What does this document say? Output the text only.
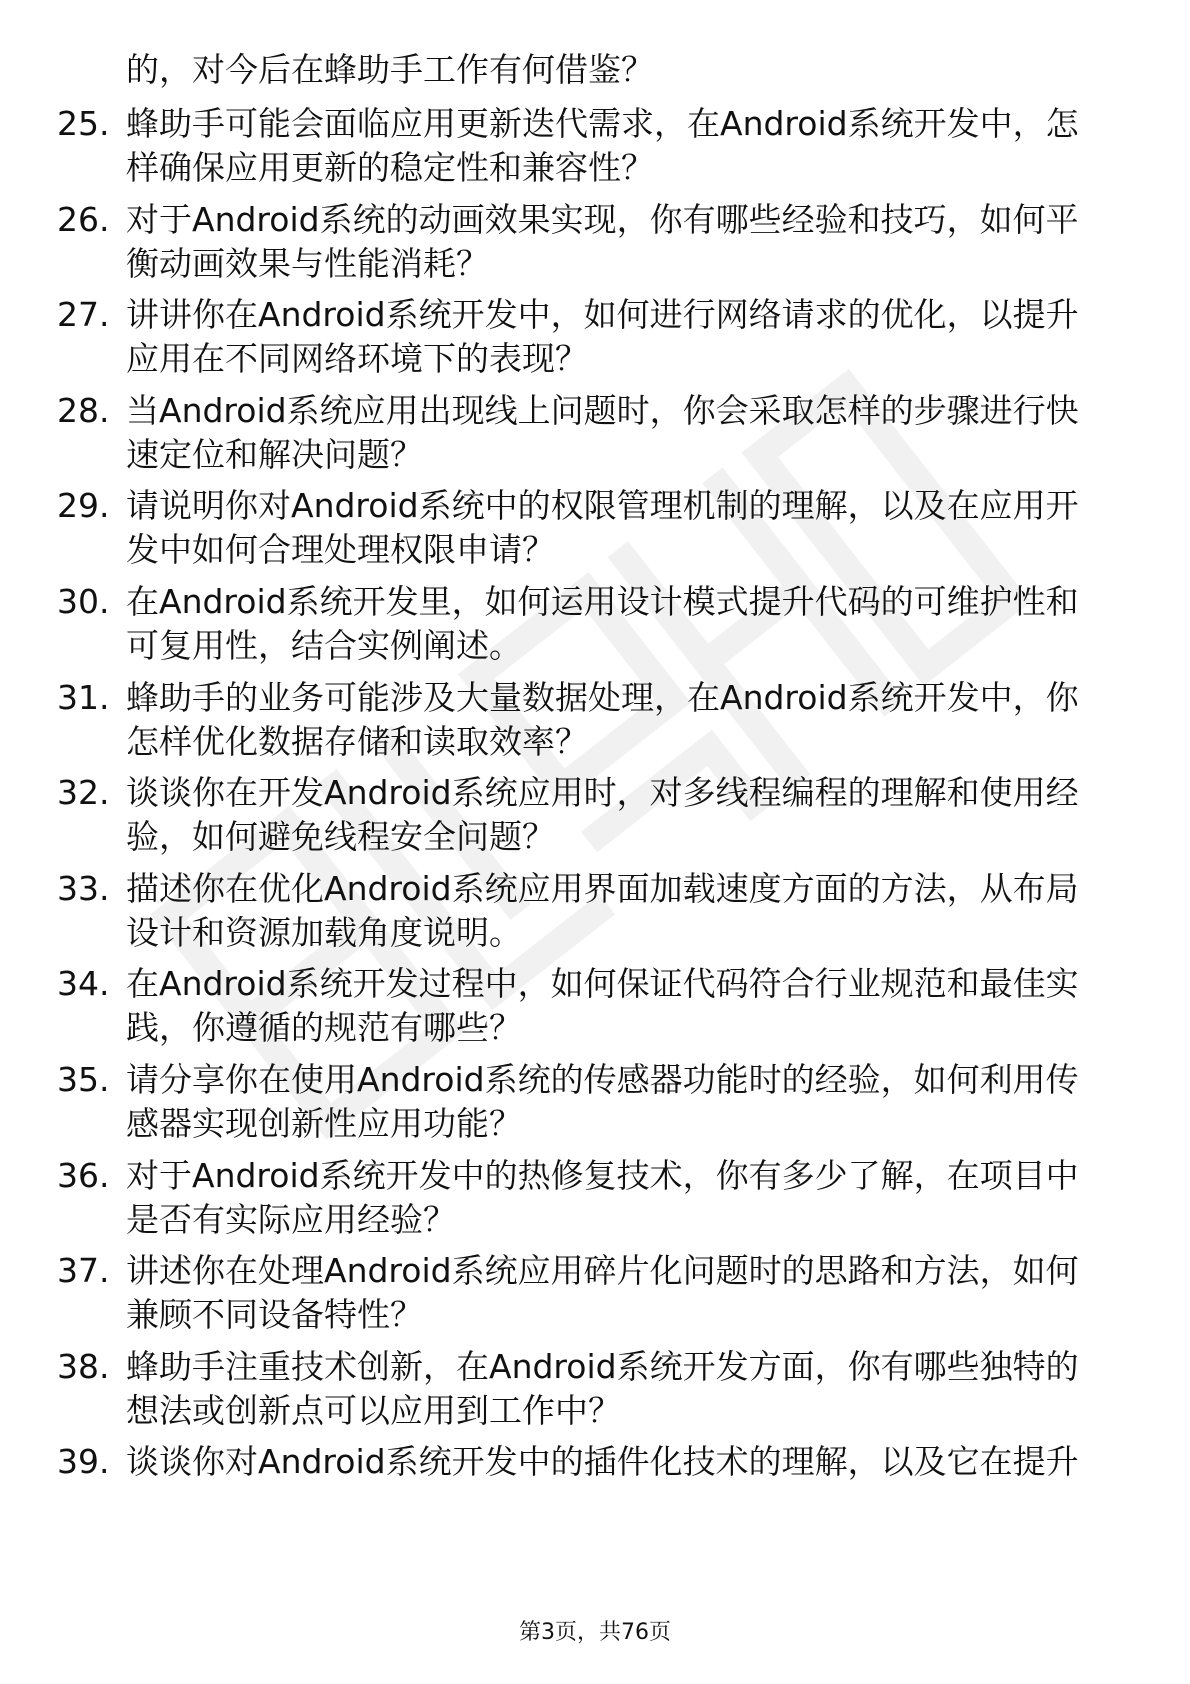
的，对今后在蜂助手工作有何借鉴？
25. 蜂助手可能会面临应用更新迭代需求，在Android系统开发中，怎
样确保应用更新的稳定性和兼容性？
26. 对于Android系统的动画效果实现，你有哪些经验和技巧，如何平
衡动画效果与性能消耗？
27. 讲讲你在Android系统开发中，如何进行网络请求的优化，以提升
应用在不同网络环境下的表现？
28. 当Android系统应用出现线上问题时，你会采取怎样的步骤进行快
速定位和解决问题？
29. 请说明你对Android系统中的权限管理机制的理解，以及在应用开
发中如何合理处理权限申请？
30. 在Android系统开发里，如何运用设计模式提升代码的可维护性和
可复用性，结合实例阐述。
31. 蜂助手的业务可能涉及大量数据处理，在Android系统开发中，你
怎样优化数据存储和读取效率？
32. 谈谈你在开发Android系统应用时，对多线程编程的理解和使用经
验，如何避免线程安全问题？
33. 描述你在优化Android系统应用界面加载速度方面的方法，从布局
设计和资源加载角度说明。
34. 在Android系统开发过程中，如何保证代码符合行业规范和最佳实
践，你遵循的规范有哪些？
35. 请分享你在使用Android系统的传感器功能时的经验，如何利用传
感器实现创新性应用功能？
36. 对于Android系统开发中的热修复技术，你有多少了解，在项目中
是否有实际应用经验？
37. 讲述你在处理Android系统应用碎片化问题时的思路和方法，如何
兼顾不同设备特性？
38. 蜂助手注重技术创新，在Android系统开发方面，你有哪些独特的
想法或创新点可以应用到工作中？
39. 谈谈你对Android系统开发中的插件化技术的理解，以及它在提升
第3页，共76页
